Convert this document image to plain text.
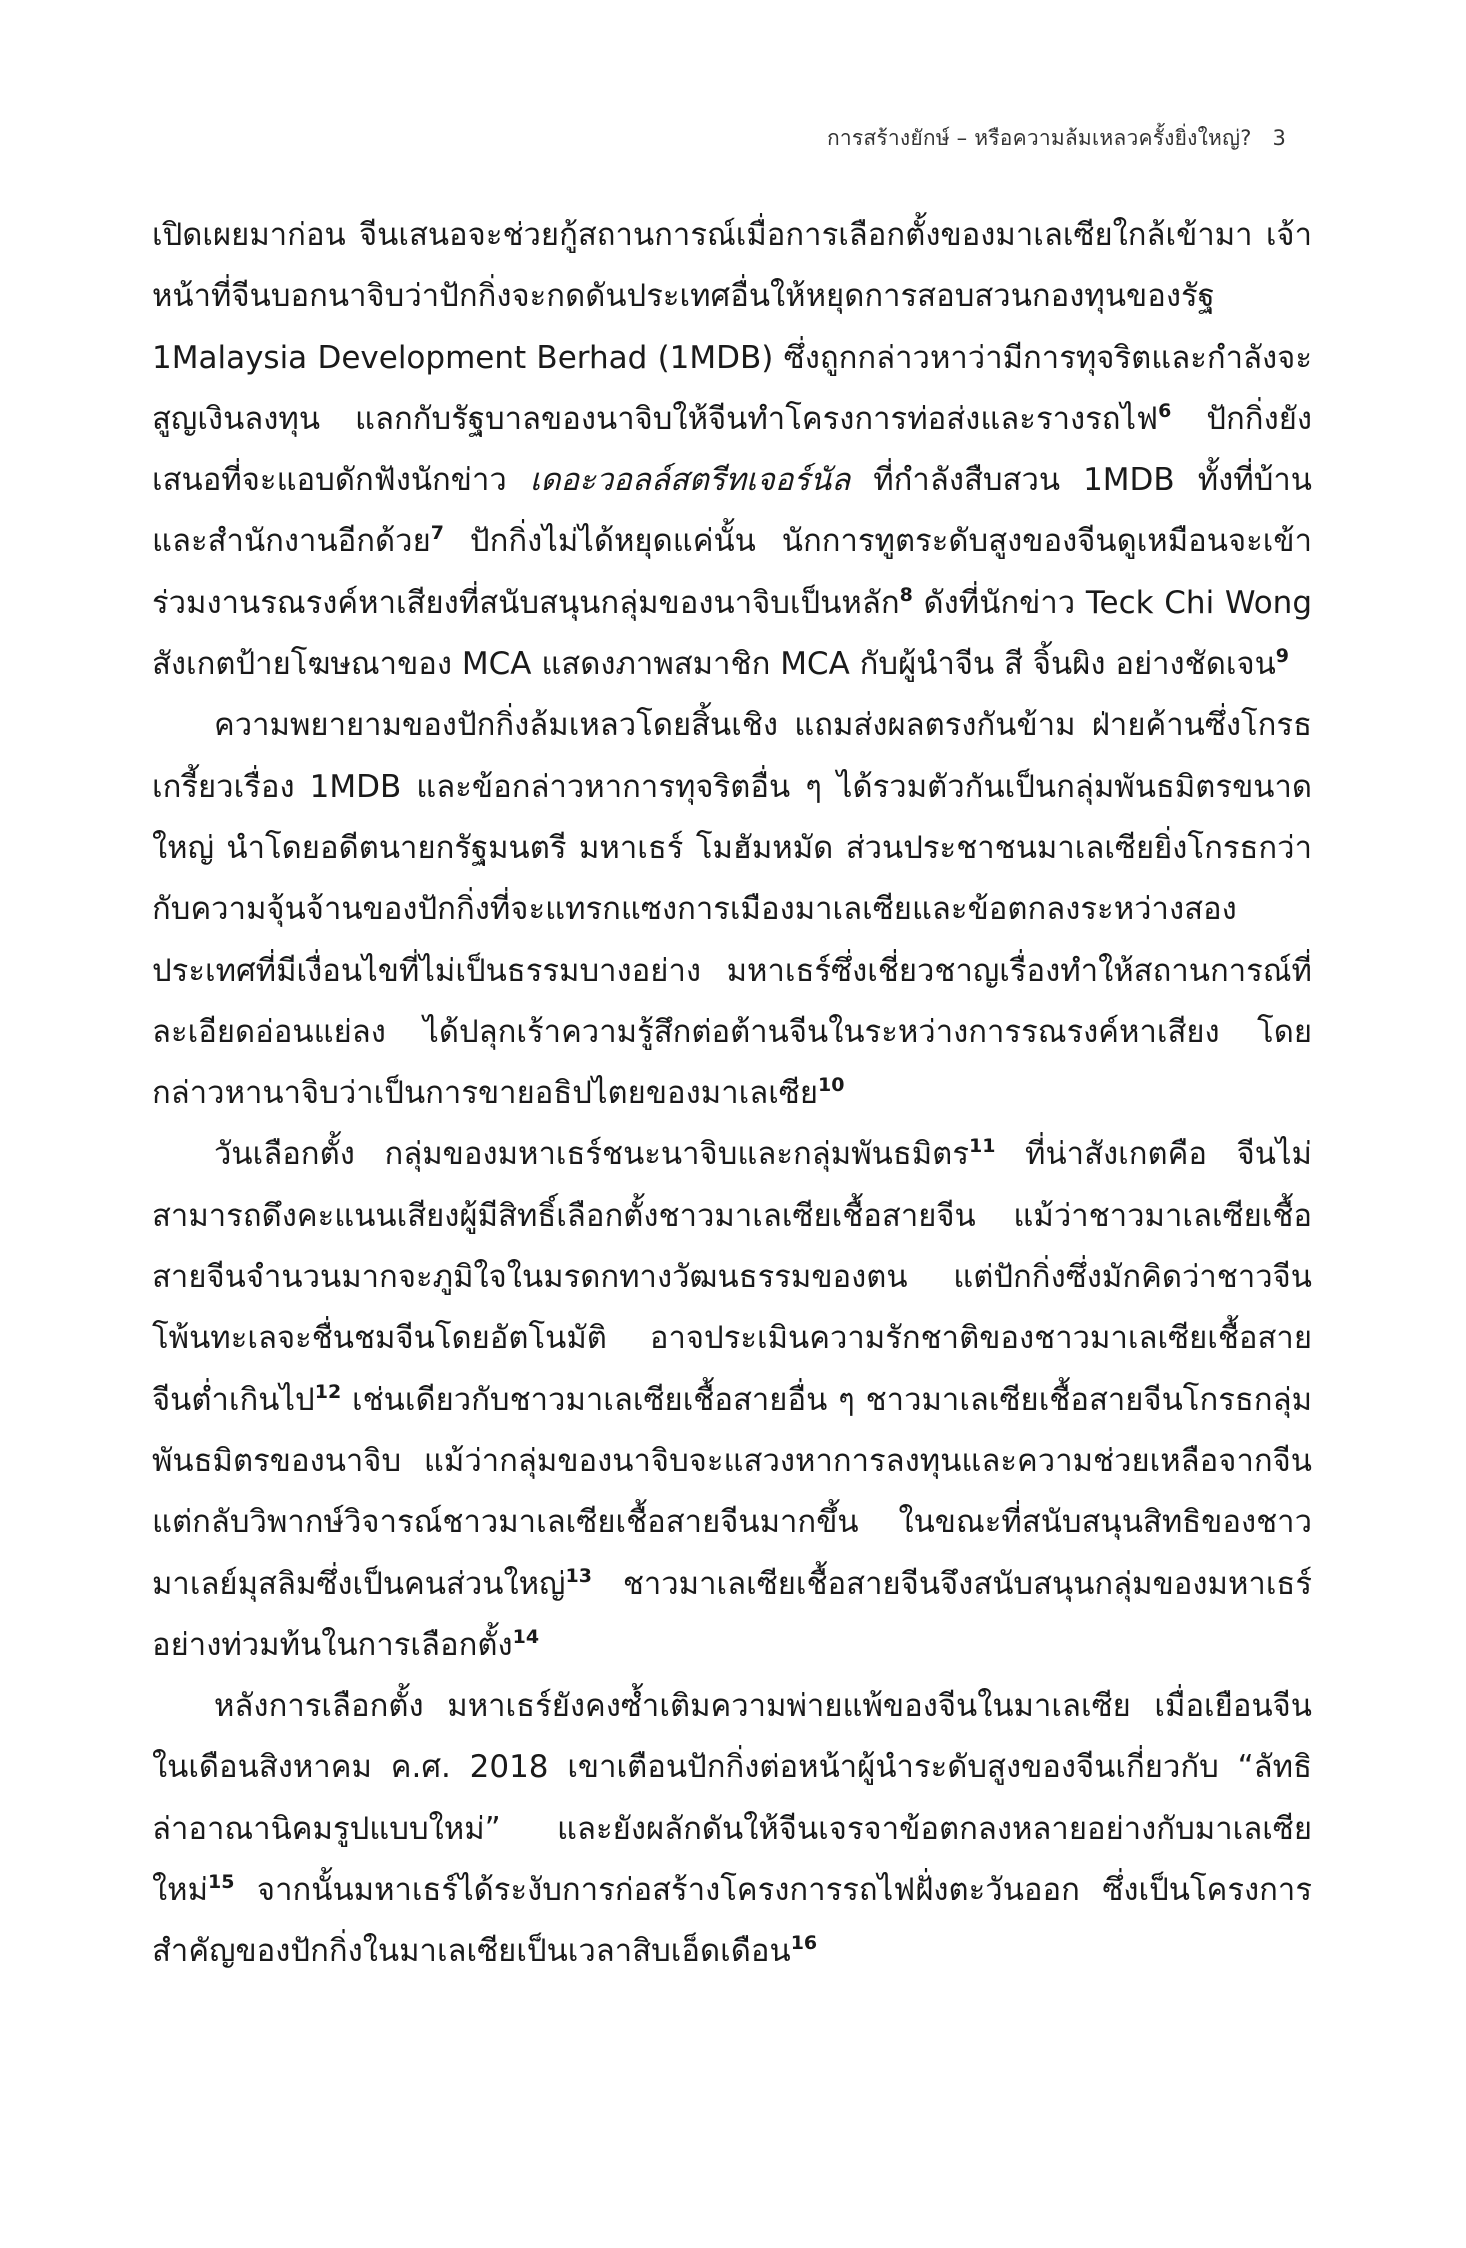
การสร้างยักษ์ – หรือความล้มเหลวครั้งยิ่งใหญ่? 3

เปิดเผยมาก่อน จีนเสนอจะช่วยกู้สถานการณ์เมื่อการเลือกตั้งของมาเลเซียใกล้เข้ามา เจ้าหน้าที่จีนบอกนาจิบว่าปักกิ่งจะกดดันประเทศอื่นให้หยุดการสอบสวนกองทุนของรัฐ 1Malaysia Development Berhad (1MDB) ซึ่งถูกกล่าวหาว่ามีการทุจริตและกำลังจะสูญเงินลงทุน แลกกับรัฐบาลของนาจิบให้จีนทำโครงการท่อส่งและรางรถไฟ$^6$ ปักกิ่งยังเสนอที่จะแอบดักฟังนักข่าว เดอะวอลล์สตรีทเจอร์นัล ที่กำลังสืบสวน 1MDB ทั้งที่บ้านและสำนักงานอีกด้วย$^7$ ปักกิ่งไม่ได้หยุดแค่นั้น นักการทูตระดับสูงของจีนดูเหมือนจะเข้าร่วมงานรณรงค์หาเสียงที่สนับสนุนกลุ่มของนาจิบเป็นหลัก$^8$ ดังที่นักข่าว Teck Chi Wong สังเกตป้ายโฆษณาของ MCA แสดงภาพสมาชิก MCA กับผู้นำจีน สี จิ้นผิง อย่างชัดเจน$^9$

ความพยายามของปักกิ่งล้มเหลวโดยสิ้นเชิง แถมส่งผลตรงกันข้าม ฝ่ายค้านซึ่งโกรธเกรี้ยวเรื่อง 1MDB และข้อกล่าวหาการทุจริตอื่น ๆ ได้รวมตัวกันเป็นกลุ่มพันธมิตรขนาดใหญ่ นำโดยอดีตนายกรัฐมนตรี มหาเธร์ โมฮัมหมัด ส่วนประชาชนมาเลเซียยิ่งโกรธกว่ากับความจุ้นจ้านของปักกิ่งที่จะแทรกแซงการเมืองมาเลเซียและข้อตกลงระหว่างสองประเทศที่มีเงื่อนไขที่ไม่เป็นธรรมบางอย่าง มหาเธร์ซึ่งเชี่ยวชาญเรื่องทำให้สถานการณ์ที่ละเอียดอ่อนแย่ลง ได้ปลุกเร้าความรู้สึกต่อต้านจีนในระหว่างการรณรงค์หาเสียง โดยกล่าวหานาจิบว่าเป็นการขายอธิปไตยของมาเลเซีย$^{10}$

วันเลือกตั้ง กลุ่มของมหาเธร์ชนะนาจิบและกลุ่มพันธมิตร$^{11}$ ที่น่าสังเกตคือ จีนไม่สามารถดึงคะแนนเสียงผู้มีสิทธิ์เลือกตั้งชาวมาเลเซียเชื้อสายจีน แม้ว่าชาวมาเลเซียเชื้อสายจีนจำนวนมากจะภูมิใจในมรดกทางวัฒนธรรมของตน แต่ปักกิ่งซึ่งมักคิดว่าชาวจีนโพ้นทะเลจะชื่นชมจีนโดยอัตโนมัติ อาจประเมินความรักชาติของชาวมาเลเซียเชื้อสายจีนต่ำเกินไป$^{12}$ เช่นเดียวกับชาวมาเลเซียเชื้อสายอื่น ๆ ชาวมาเลเซียเชื้อสายจีนโกรธกลุ่มพันธมิตรของนาจิบ แม้ว่ากลุ่มของนาจิบจะแสวงหาการลงทุนและความช่วยเหลือจากจีน แต่กลับวิพากษ์วิจารณ์ชาวมาเลเซียเชื้อสายจีนมากขึ้น ในขณะที่สนับสนุนสิทธิของชาวมาเลย์มุสลิมซึ่งเป็นคนส่วนใหญ่$^{13}$ ชาวมาเลเซียเชื้อสายจีนจึงสนับสนุนกลุ่มของมหาเธร์อย่างท่วมท้นในการเลือกตั้ง$^{14}$

หลังการเลือกตั้ง มหาเธร์ยังคงซ้ำเติมความพ่ายแพ้ของจีนในมาเลเซีย เมื่อเยือนจีนในเดือนสิงหาคม ค.ศ. 2018 เขาเตือนปักกิ่งต่อหน้าผู้นำระดับสูงของจีนเกี่ยวกับ “ลัทธิล่าอาณานิคมรูปแบบใหม่” และยังผลักดันให้จีนเจรจาข้อตกลงหลายอย่างกับมาเลเซียใหม่$^{15}$ จากนั้นมหาเธร์ได้ระงับการก่อสร้างโครงการรถไฟฝั่งตะวันออก ซึ่งเป็นโครงการสำคัญของปักกิ่งในมาเลเซียเป็นเวลาสิบเอ็ดเดือน$^{16}$
